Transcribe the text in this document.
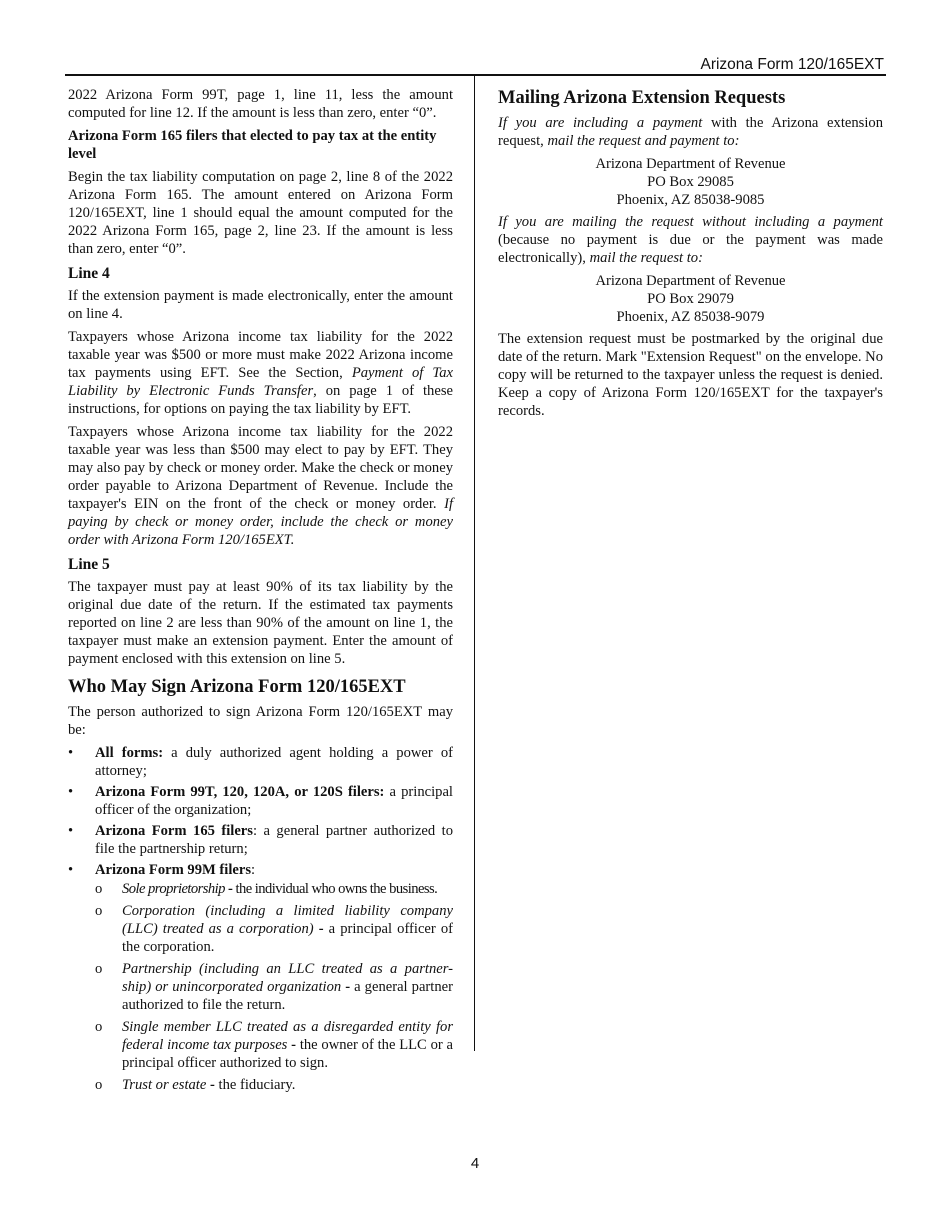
Arizona Form 120/165EXT

2022 Arizona Form 99T, page 1, line 11, less the amount computed for line 12. If the amount is less than zero, enter “0”.

Arizona Form 165 filers that elected to pay tax at the entity level

Begin the tax liability computation on page 2, line 8 of the 2022 Arizona Form 165. The amount entered on Arizona Form 120/165EXT, line 1 should equal the amount computed for the 2022 Arizona Form 165, page 2, line 23. If the amount is less than zero, enter “0”.

Line 4

If the extension payment is made electronically, enter the amount on line 4.

Taxpayers whose Arizona income tax liability for the 2022 taxable year was $500 or more must make 2022 Arizona income tax payments using EFT. See the Section, Payment of Tax Liability by Electronic Funds Transfer, on page 1 of these instructions, for options on paying the tax liability by EFT.

Taxpayers whose Arizona income tax liability for the 2022 taxable year was less than $500 may elect to pay by EFT. They may also pay by check or money order. Make the check or money order payable to Arizona Department of Revenue. Include the taxpayer's EIN on the front of the check or money order. If paying by check or money order, include the check or money order with Arizona Form 120/165EXT.

Line 5

The taxpayer must pay at least 90% of its tax liability by the original due date of the return. If the estimated tax payments reported on line 2 are less than 90% of the amount on line 1, the taxpayer must make an extension payment. Enter the amount of payment enclosed with this extension on line 5.

Who May Sign Arizona Form 120/165EXT

The person authorized to sign Arizona Form 120/165EXT may be:

• All forms: a duly authorized agent holding a power of attorney;
• Arizona Form 99T, 120, 120A, or 120S filers: a principal officer of the organization;
• Arizona Form 165 filers: a general partner authorized to file the partnership return;
• Arizona Form 99M filers:
o Sole proprietorship - the individual who owns the business.
o Corporation (including a limited liability company (LLC) treated as a corporation) - a principal officer of the corporation.
o Partnership (including an LLC treated as a partner-ship) or unincorporated organization - a general partner authorized to file the return.
o Single member LLC treated as a disregarded entity for federal income tax purposes - the owner of the LLC or a principal officer authorized to sign.
o Trust or estate - the fiduciary.
Mailing Arizona Extension Requests

If you are including a payment with the Arizona extension request, mail the request and payment to:

Arizona Department of Revenue
PO Box 29085
Phoenix, AZ 85038-9085

If you are mailing the request without including a payment (because no payment is due or the payment was made electronically), mail the request to:

Arizona Department of Revenue
PO Box 29079
Phoenix, AZ 85038-9079

The extension request must be postmarked by the original due date of the return. Mark "Extension Request" on the envelope. No copy will be returned to the taxpayer unless the request is denied. Keep a copy of Arizona Form 120/165EXT for the taxpayer's records.

4
